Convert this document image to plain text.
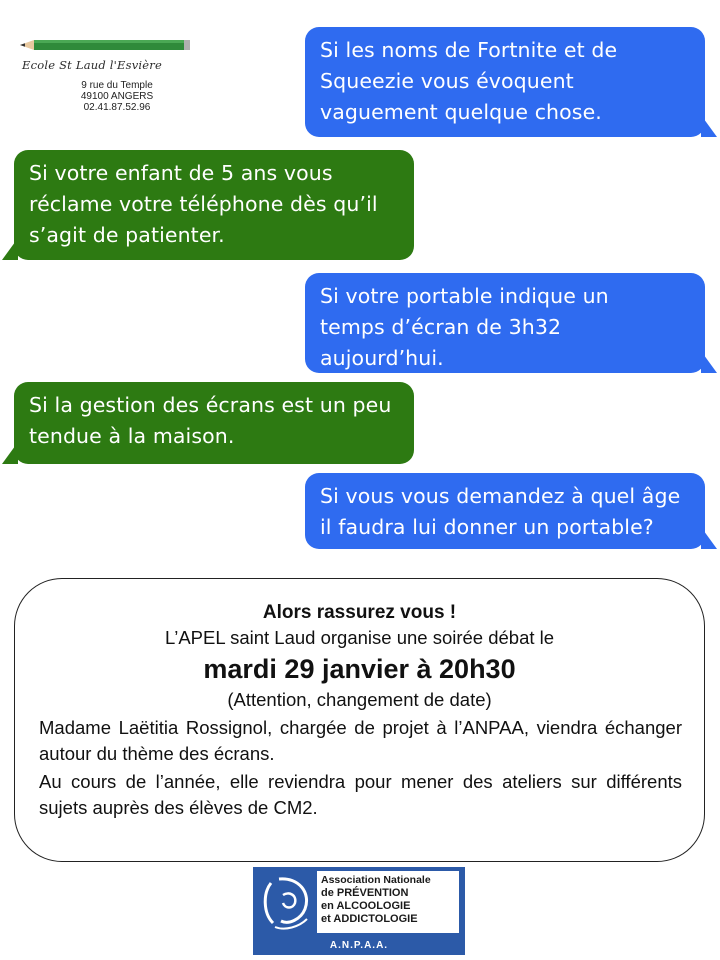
Ecole St Laud l'Esvière
9 rue du Temple
49100 ANGERS
02.41.87.52.96
Si les noms de Fortnite et de
Squeezie vous évoquent
vaguement quelque chose.
Si votre enfant de 5 ans vous
réclame votre téléphone dès qu’il
s’agit de patienter.
Si votre portable indique un
temps d’écran de 3h32
aujourd’hui.
Si la gestion des écrans est un peu
tendue à la maison.
Si vous vous demandez à quel âge
il faudra lui donner un portable?
Alors rassurez vous !
L’APEL saint Laud organise une soirée débat le
mardi 29 janvier à 20h30
(Attention, changement de date)
Madame Laëtitia Rossignol, chargée de projet à l’ANPAA, viendra échanger autour du thème des écrans.
Au cours de l’année, elle reviendra pour mener des ateliers sur différents sujets auprès des élèves de CM2.
Association Nationale
de PRÉVENTION
en ALCOOLOGIE
et ADDICTOLOGIE
A.N.P.A.A.
